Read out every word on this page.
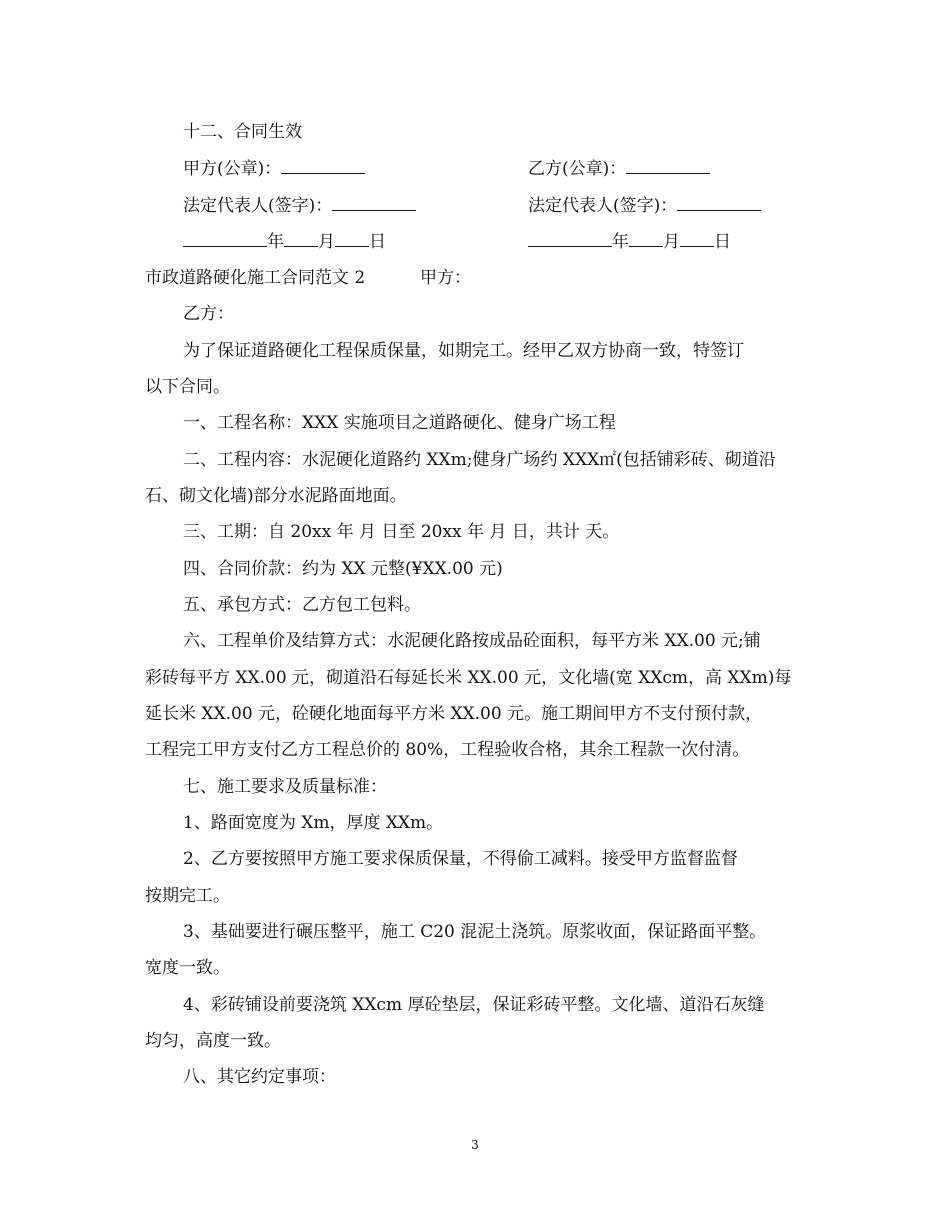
十二、合同生效
甲方(公章)：	乙方(公章)：
法定代表人(签字)：	法定代表人(签字)：
年 月 日	年 月 日
市政道路硬化施工合同范文 2	甲方：
乙方：
为了保证道路硬化工程保质保量，如期完工。经甲乙双方协商一致，特签订
以下合同。
一、工程名称：XXX 实施项目之道路硬化、健身广场工程
二、工程内容：水泥硬化道路约 XXm;健身广场约 XXX㎡(包括铺彩砖、砌道沿
石、砌文化墙)部分水泥路面地面。
三、工期：自 20xx 年 月 日至 20xx 年 月 日，共计 天。
四、合同价款：约为 XX 元整(¥XX.00 元)
五、承包方式：乙方包工包料。
六、工程单价及结算方式：水泥硬化路按成品砼面积，每平方米 XX.00 元;铺
彩砖每平方 XX.00 元，砌道沿石每延长米 XX.00 元，文化墙(宽 XXcm，高 XXm)每
延长米 XX.00 元，砼硬化地面每平方米 XX.00 元。施工期间甲方不支付预付款，
工程完工甲方支付乙方工程总价的 80%，工程验收合格，其余工程款一次付清。
七、施工要求及质量标准：
1、路面宽度为 Xm，厚度 XXm。
2、乙方要按照甲方施工要求保质保量，不得偷工减料。接受甲方监督监督
按期完工。
3、基础要进行碾压整平，施工 C20 混泥土浇筑。原浆收面，保证路面平整。
宽度一致。
4、彩砖铺设前要浇筑 XXcm 厚砼垫层，保证彩砖平整。文化墙、道沿石灰缝
均匀，高度一致。
八、其它约定事项：
3
